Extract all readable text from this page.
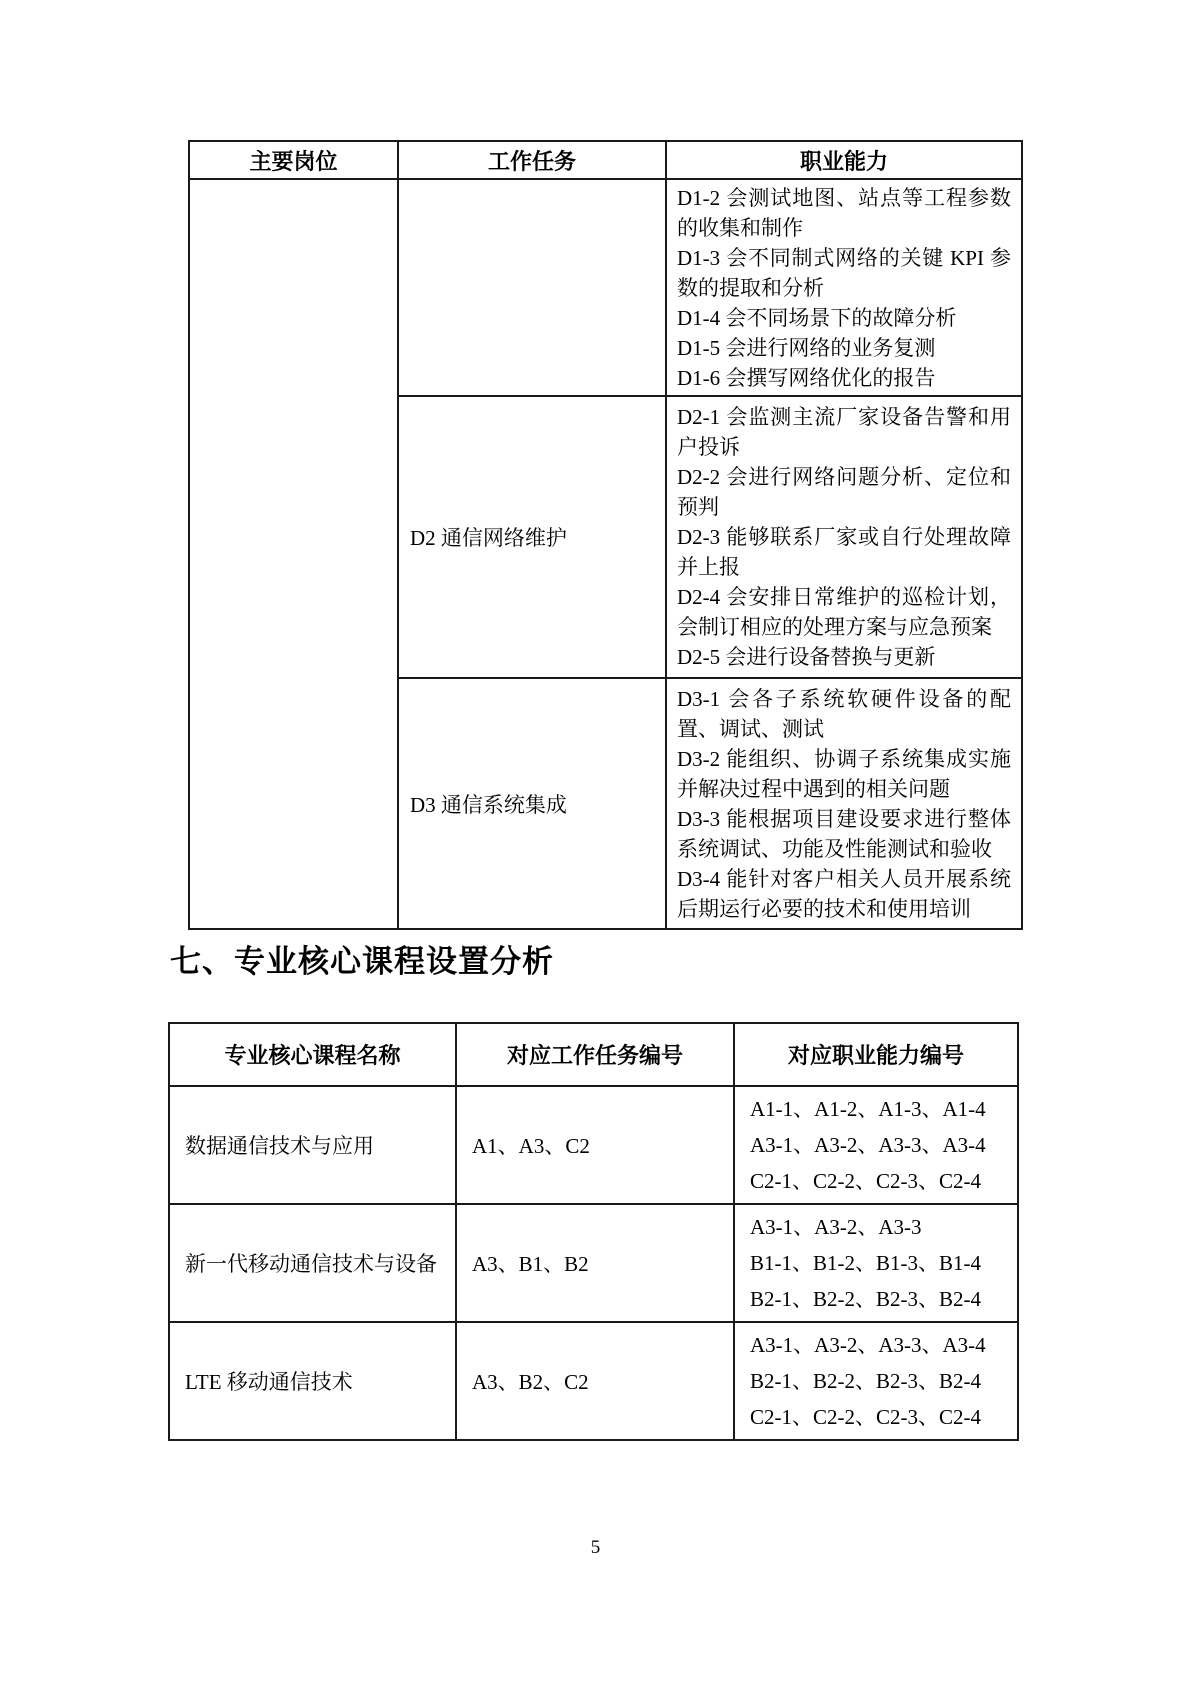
主要岗位	工作任务	职业能力

		D1-2 会测试地图、站点等工程参数的收集和制作
D1-3 会不同制式网络的关键 KPI 参数的提取和分析
D1-4 会不同场景下的故障分析
D1-5 会进行网络的业务复测
D1-6 会撰写网络优化的报告

	D2 通信网络维护	D2-1 会监测主流厂家设备告警和用户投诉
D2-2 会进行网络问题分析、定位和预判
D2-3 能够联系厂家或自行处理故障并上报
D2-4 会安排日常维护的巡检计划，会制订相应的处理方案与应急预案
D2-5 会进行设备替换与更新

	D3 通信系统集成	D3-1 会各子系统软硬件设备的配置、调试、测试
D3-2 能组织、协调子系统集成实施并解决过程中遇到的相关问题
D3-3 能根据项目建设要求进行整体系统调试、功能及性能测试和验收
D3-4 能针对客户相关人员开展系统后期运行必要的技术和使用培训
七、专业核心课程设置分析
专业核心课程名称	对应工作任务编号	对应职业能力编号
数据通信技术与应用	A1、A3、C2	A1-1、A1-2、A1-3、A1-4
A3-1、A3-2、A3-3、A3-4
C2-1、C2-2、C2-3、C2-4

新一代移动通信技术与设备	A3、B1、B2	A3-1、A3-2、A3-3
B1-1、B1-2、B1-3、B1-4
B2-1、B2-2、B2-3、B2-4

LTE 移动通信技术	A3、B2、C2	A3-1、A3-2、A3-3、A3-4
B2-1、B2-2、B2-3、B2-4
C2-1、C2-2、C2-3、C2-4
5
